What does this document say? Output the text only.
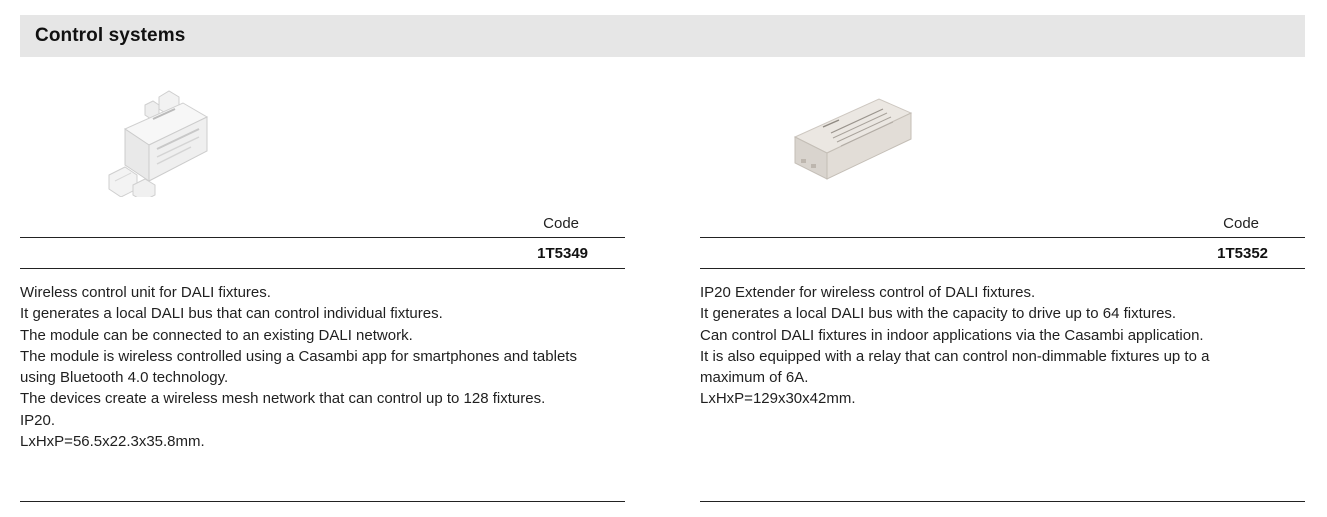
Control systems
Code
1T5349
Wireless control unit for DALI fixtures.
It generates a local DALI bus that can control individual fixtures.
The module can be connected to an existing DALI network.
The module is wireless controlled using a Casambi app for smartphones and tablets
using Bluetooth 4.0 technology.
The devices create a wireless mesh network that can control up to 128 fixtures.
IP20.
LxHxP=56.5x22.3x35.8mm.
Code
1T5352
IP20 Extender for wireless control of DALI fixtures.
It generates a local DALI bus with the capacity to drive up to 64 fixtures.
Can control DALI fixtures in indoor applications via the Casambi application.
It is also equipped with a relay that can control non-dimmable fixtures up to a
maximum of 6A.
LxHxP=129x30x42mm.
